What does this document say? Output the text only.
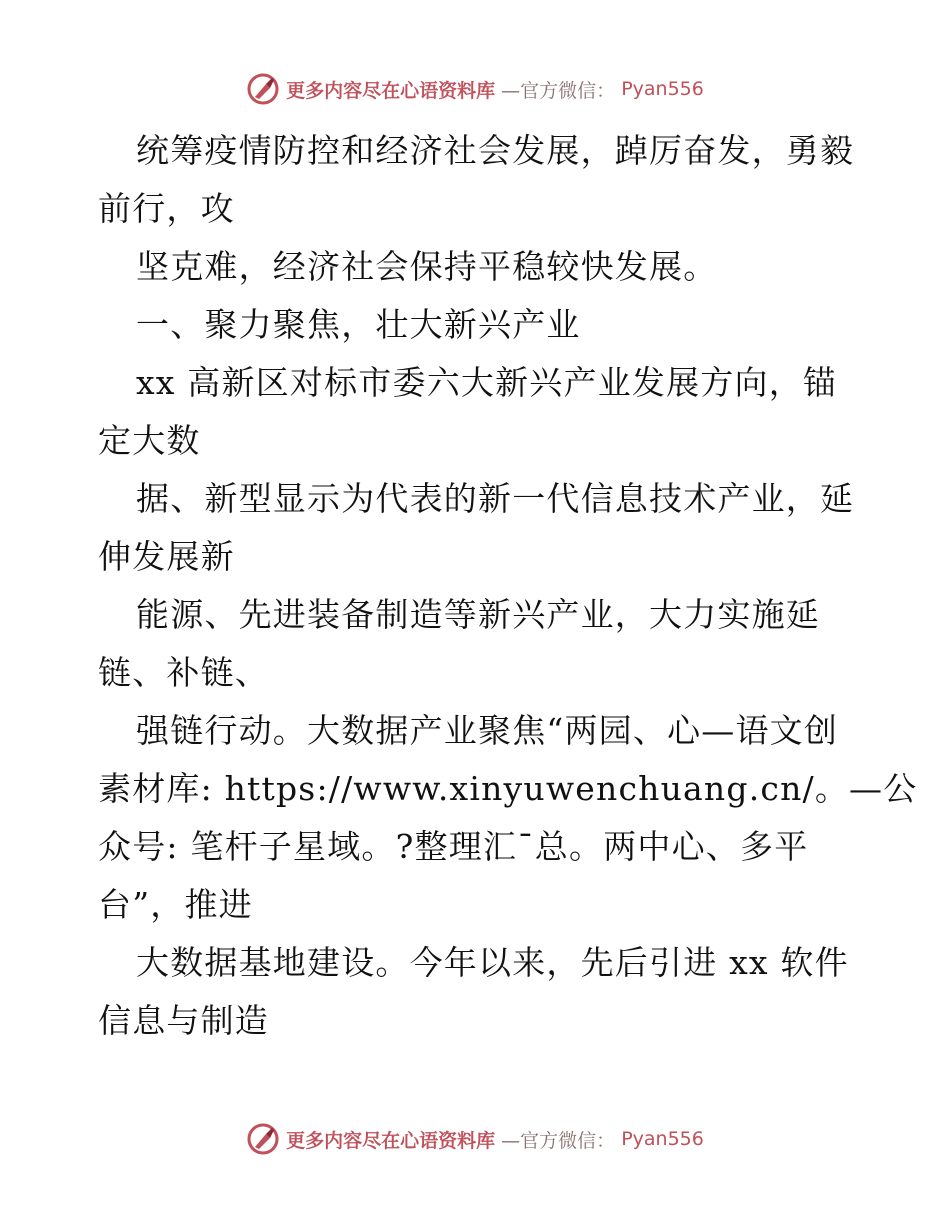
更多内容尽在心语资料库 —官方微信： Pyan556
统筹疫情防控和经济社会发展，踔厉奋发，勇毅
前行，攻
坚克难，经济社会保持平稳较快发展。
一、聚力聚焦，壮大新兴产业
xx 高新区对标市委六大新兴产业发展方向，锚
定大数
据、新型显示为代表的新一代信息技术产业，延
伸发展新
能源、先进装备制造等新兴产业，大力实施延
链、补链、
强链行动。大数据产业聚焦“两园、心—语文创
素材库: https://www.xinyuwenchuang.cn/。—公
众号: 笔杆子星域。?整理汇¯总。两中心、多平
台”，推进
大数据基地建设。今年以来，先后引进 xx 软件
信息与制造
更多内容尽在心语资料库 —官方微信： Pyan556
